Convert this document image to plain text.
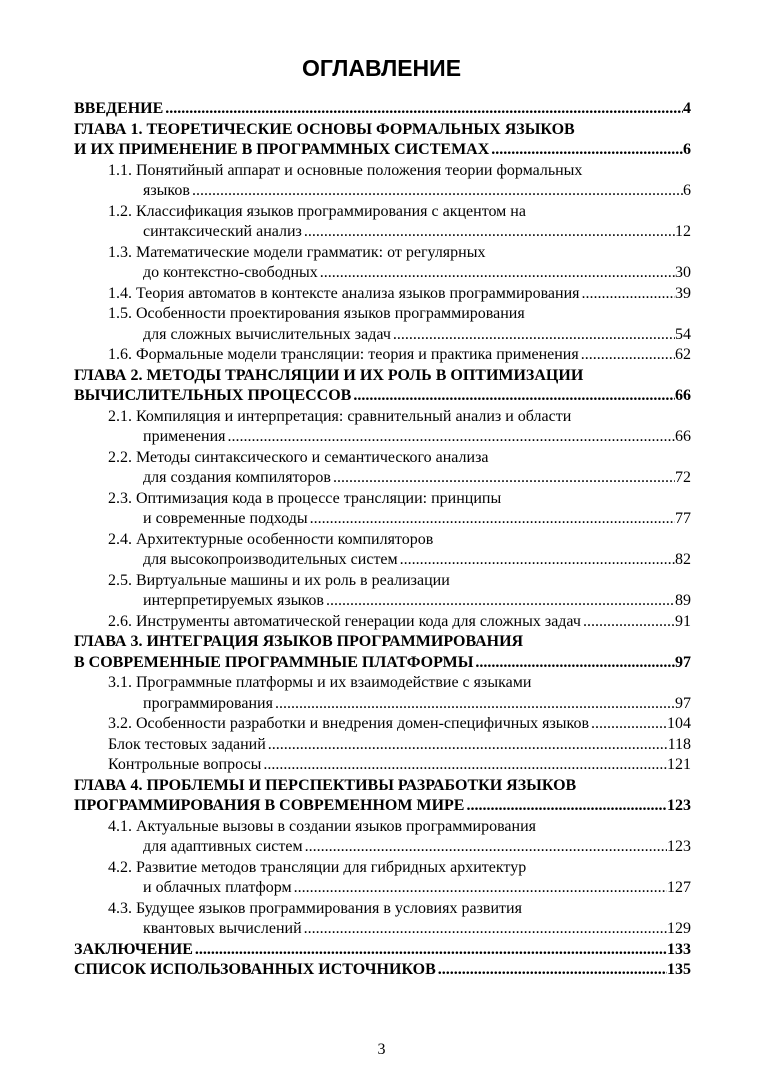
ОГЛАВЛЕНИЕ
ВВЕДЕНИЕ .....	4
ГЛАВА 1. ТЕОРЕТИЧЕСКИЕ ОСНОВЫ ФОРМАЛЬНЫХ ЯЗЫКОВ
И ИХ ПРИМЕНЕНИЕ В ПРОГРАММНЫХ СИСТЕМАХ .....	6
1.1. Понятийный аппарат и основные положения теории формальных
языков .....	6
1.2. Классификация языков программирования с акцентом на
синтаксический анализ .....	12
1.3. Математические модели грамматик: от регулярных
до контекстно-свободных .....	30
1.4. Теория автоматов в контексте анализа языков программирования .....	39
1.5. Особенности проектирования языков программирования
для сложных вычислительных задач .....	54
1.6. Формальные модели трансляции: теория и практика применения .....	62
ГЛАВА 2. МЕТОДЫ ТРАНСЛЯЦИИ И ИХ РОЛЬ В ОПТИМИЗАЦИИ
ВЫЧИСЛИТЕЛЬНЫХ ПРОЦЕССОВ .....	66
2.1. Компиляция и интерпретация: сравнительный анализ и области
применения .....	66
2.2. Методы синтаксического и семантического анализа
для создания компиляторов .....	72
2.3. Оптимизация кода в процессе трансляции: принципы
и современные подходы .....	77
2.4. Архитектурные особенности компиляторов
для высокопроизводительных систем .....	82
2.5. Виртуальные машины и их роль в реализации
интерпретируемых языков .....	89
2.6. Инструменты автоматической генерации кода для сложных задач .....	91
ГЛАВА 3. ИНТЕГРАЦИЯ ЯЗЫКОВ ПРОГРАММИРОВАНИЯ
В СОВРЕМЕННЫЕ ПРОГРАММНЫЕ ПЛАТФОРМЫ .....	97
3.1. Программные платформы и их взаимодействие с языками
программирования .....	97
3.2. Особенности разработки и внедрения домен-специфичных языков .....	104
Блок тестовых заданий .....	118
Контрольные вопросы .....	121
ГЛАВА 4. ПРОБЛЕМЫ И ПЕРСПЕКТИВЫ РАЗРАБОТКИ ЯЗЫКОВ
ПРОГРАММИРОВАНИЯ В СОВРЕМЕННОМ МИРЕ .....	123
4.1. Актуальные вызовы в создании языков программирования
для адаптивных систем .....	123
4.2. Развитие методов трансляции для гибридных архитектур
и облачных платформ .....	127
4.3. Будущее языков программирования в условиях развития
квантовых вычислений .....	129
ЗАКЛЮЧЕНИЕ .....	133
СПИСОК ИСПОЛЬЗОВАННЫХ ИСТОЧНИКОВ .....	135
3
